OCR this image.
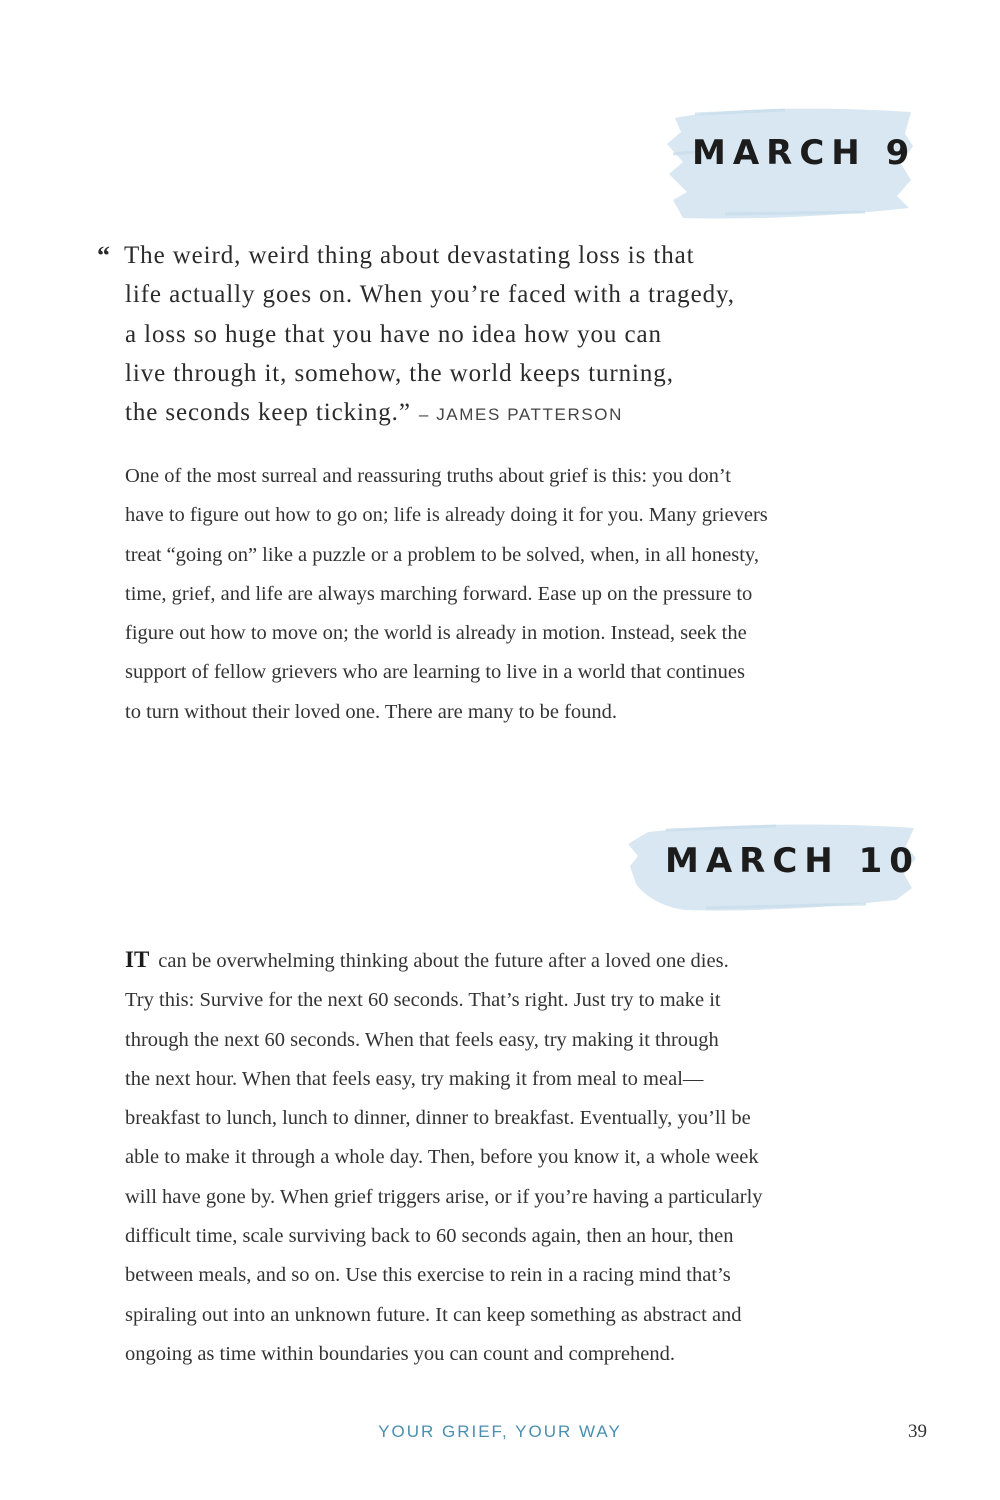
MARCH 9
“ The weird, weird thing about devastating loss is that
life actually goes on. When you’re faced with a tragedy,
a loss so huge that you have no idea how you can
live through it, somehow, the world keeps turning,
the seconds keep ticking.” – JAMES PATTERSON
One of the most surreal and reassuring truths about grief is this: you don’t
have to figure out how to go on; life is already doing it for you. Many grievers
treat “going on” like a puzzle or a problem to be solved, when, in all honesty,
time, grief, and life are always marching forward. Ease up on the pressure to
figure out how to move on; the world is already in motion. Instead, seek the
support of fellow grievers who are learning to live in a world that continues
to turn without their loved one. There are many to be found.
MARCH 10
IT can be overwhelming thinking about the future after a loved one dies.
Try this: Survive for the next 60 seconds. That’s right. Just try to make it
through the next 60 seconds. When that feels easy, try making it through
the next hour. When that feels easy, try making it from meal to meal—
breakfast to lunch, lunch to dinner, dinner to breakfast. Eventually, you’ll be
able to make it through a whole day. Then, before you know it, a whole week
will have gone by. When grief triggers arise, or if you’re having a particularly
difficult time, scale surviving back to 60 seconds again, then an hour, then
between meals, and so on. Use this exercise to rein in a racing mind that’s
spiraling out into an unknown future. It can keep something as abstract and
ongoing as time within boundaries you can count and comprehend.
YOUR GRIEF, YOUR WAY	39
